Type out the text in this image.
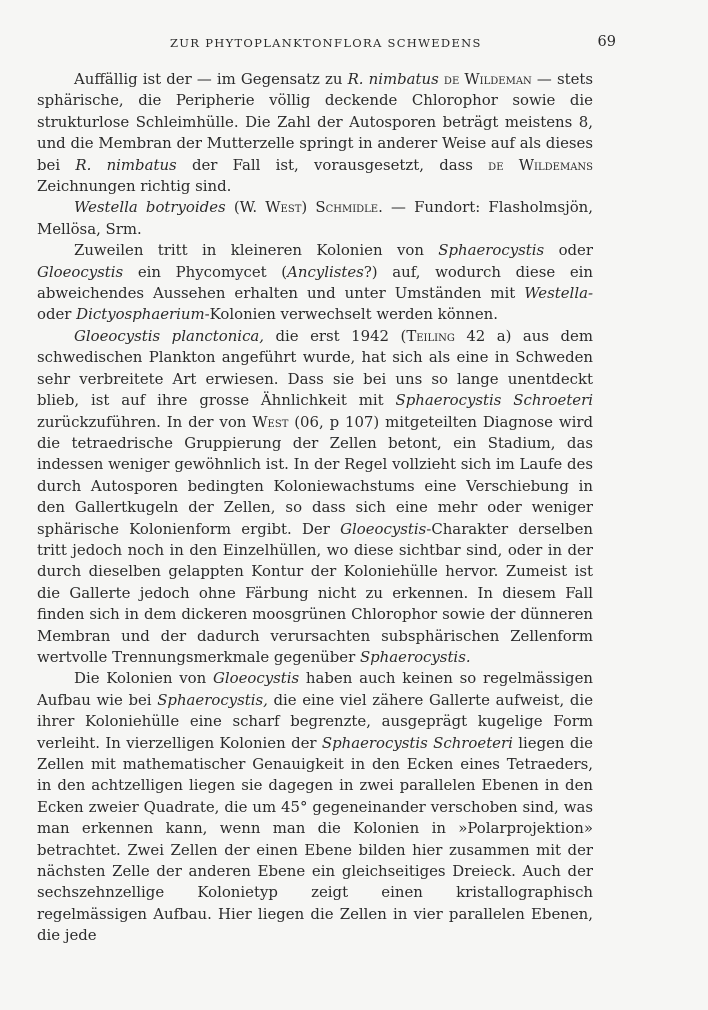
ZUR PHYTOPLANKTONFLORA SCHWEDENS	69

Auffällig ist der — im Gegensatz zu R. nimbatus de Wildeman — stets sphärische, die Peripherie völlig deckende Chlorophor sowie die strukturlose Schleimhülle. Die Zahl der Autosporen beträgt meistens 8, und die Membran der Mutterzelle springt in anderer Weise auf als dieses bei R. nimbatus der Fall ist, vorausgesetzt, dass de Wildemans Zeichnungen richtig sind.

Westella botryoides (W. West) Schmidle. — Fundort: Flasholmsjön, Mellösa, Srm.

Zuweilen tritt in kleineren Kolonien von Sphaerocystis oder Gloeocystis ein Phycomycet (Ancylistes?) auf, wodurch diese ein abweichendes Aussehen erhalten und unter Umständen mit Westella- oder Dictyosphaerium-Kolonien verwechselt werden können.

Gloeocystis planctonica, die erst 1942 (Teiling 42 a) aus dem schwedischen Plankton angeführt wurde, hat sich als eine in Schweden sehr verbreitete Art erwiesen. Dass sie bei uns so lange unentdeckt blieb, ist auf ihre grosse Ähnlichkeit mit Sphaerocystis Schroeteri zurückzuführen. In der von West (06, p 107) mitgeteilten Diagnose wird die tetraedrische Gruppierung der Zellen betont, ein Stadium, das indessen weniger gewöhnlich ist. In der Regel vollzieht sich im Laufe des durch Autosporen bedingten Koloniewachstums eine Verschiebung in den Gallertkugeln der Zellen, so dass sich eine mehr oder weniger sphärische Kolonienform ergibt. Der Gloeocystis-Charakter derselben tritt jedoch noch in den Einzelhüllen, wo diese sichtbar sind, oder in der durch dieselben gelappten Kontur der Koloniehülle hervor. Zumeist ist die Gallerte jedoch ohne Färbung nicht zu erkennen. In diesem Fall finden sich in dem dickeren moosgrünen Chlorophor sowie der dünneren Membran und der dadurch verursachten subsphärischen Zellenform wertvolle Trennungsmerkmale gegenüber Sphaerocystis.

Die Kolonien von Gloeocystis haben auch keinen so regelmässigen Aufbau wie bei Sphaerocystis, die eine viel zähere Gallerte aufweist, die ihrer Koloniehülle eine scharf begrenzte, ausgeprägt kugelige Form verleiht. In vierzelligen Kolonien der Sphaerocystis Schroeteri liegen die Zellen mit mathematischer Genauigkeit in den Ecken eines Tetraeders, in den achtzelligen liegen sie dagegen in zwei parallelen Ebenen in den Ecken zweier Quadrate, die um 45° gegeneinander verschoben sind, was man erkennen kann, wenn man die Kolonien in »Polarprojektion» betrachtet. Zwei Zellen der einen Ebene bilden hier zusammen mit der nächsten Zelle der anderen Ebene ein gleichseitiges Dreieck. Auch der sechszehnzellige Kolonietyp zeigt einen kristallographisch regelmässigen Aufbau. Hier liegen die Zellen in vier parallelen Ebenen, die jede
